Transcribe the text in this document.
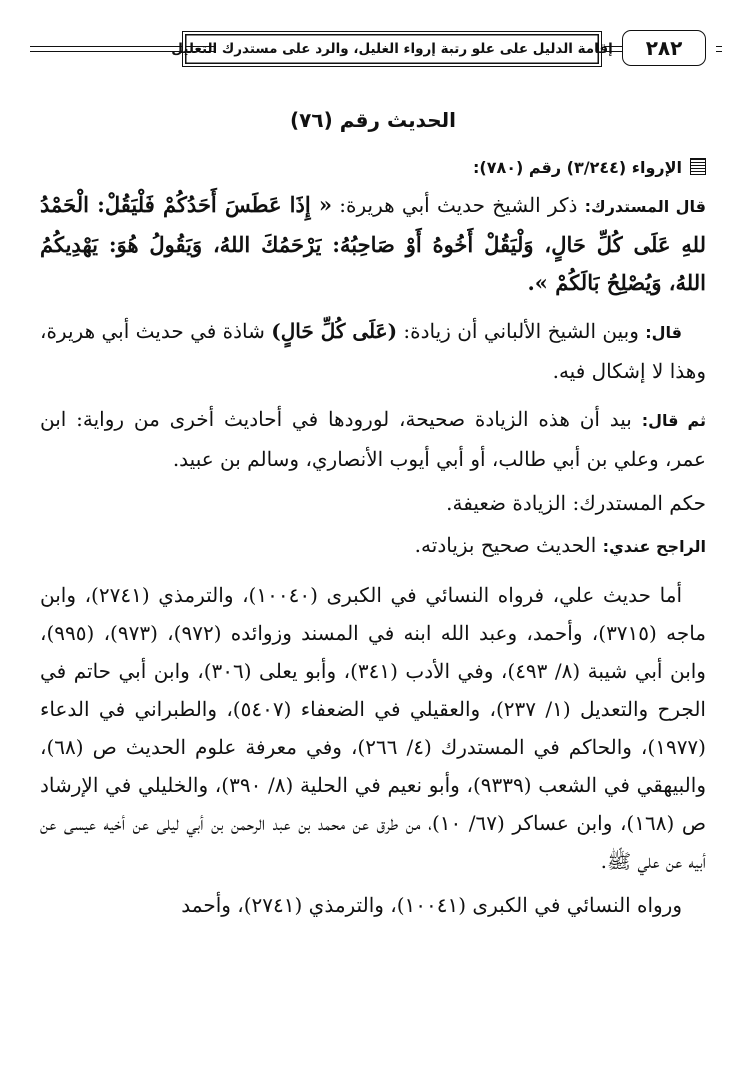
إقامة الدليل على علو رتبة إرواء الغليل، والرد على مستدرك التعليل	٢٨٢

الحديث رقم (٧٦)

الإرواء (٣/٢٤٤) رقم (٧٨٠):

قال المستدرك: ذكر الشيخ حديث أبي هريرة: « إِذَا عَطَسَ أَحَدُكُمْ فَلْيَقُلْ: الْحَمْدُ للهِ عَلَى كُلِّ حَالٍ، وَلْيَقُلْ أَخُوهُ أَوْ صَاحِبُهُ: يَرْحَمُكَ اللهُ، وَيَقُولُ هُوَ: يَهْدِيكُمُ اللهُ، وَيُصْلِحُ بَالَكُمْ ».

قال: وبين الشيخ الألباني أن زيادة: (عَلَى كُلِّ حَالٍ) شاذة في حديث أبي هريرة، وهذا لا إشكال فيه.

ثم قال: بيد أن هذه الزيادة صحيحة، لورودها في أحاديث أخرى من رواية: ابن عمر، وعلي بن أبي طالب، أو أبي أيوب الأنصاري، وسالم بن عبيد.

حكم المستدرك: الزيادة ضعيفة.

الراجح عندي: الحديث صحيح بزيادته.

أما حديث علي، فرواه النسائي في الكبرى (١٠٠٤٠)، والترمذي (٢٧٤١)، وابن ماجه (٣٧١٥)، وأحمد، وعبد الله ابنه في المسند وزوائده (٩٧٢)، (٩٧٣)، (٩٩٥)، وابن أبي شيبة (٨/ ٤٩٣)، وفي الأدب (٣٤١)، وأبو يعلى (٣٠٦)، وابن أبي حاتم في الجرح والتعديل (١/ ٢٣٧)، والعقيلي في الضعفاء (٥٤٠٧)، والطبراني في الدعاء (١٩٧٧)، والحاكم في المستدرك (٤/ ٢٦٦)، وفي معرفة علوم الحديث ص (٦٨)، والبيهقي في الشعب (٩٣٣٩)، وأبو نعيم في الحلية (٨/ ٣٩٠)، والخليلي في الإرشاد ص (١٦٨)، وابن عساكر (٦٧/ ١٠)، من طرق عن محمد بن عبد الرحمن بن أبي ليلى عن أخيه عيسى عن أبيه عن علي ﷺ.

ورواه النسائي في الكبرى (١٠٠٤١)، والترمذي (٢٧٤١)، وأحمد
